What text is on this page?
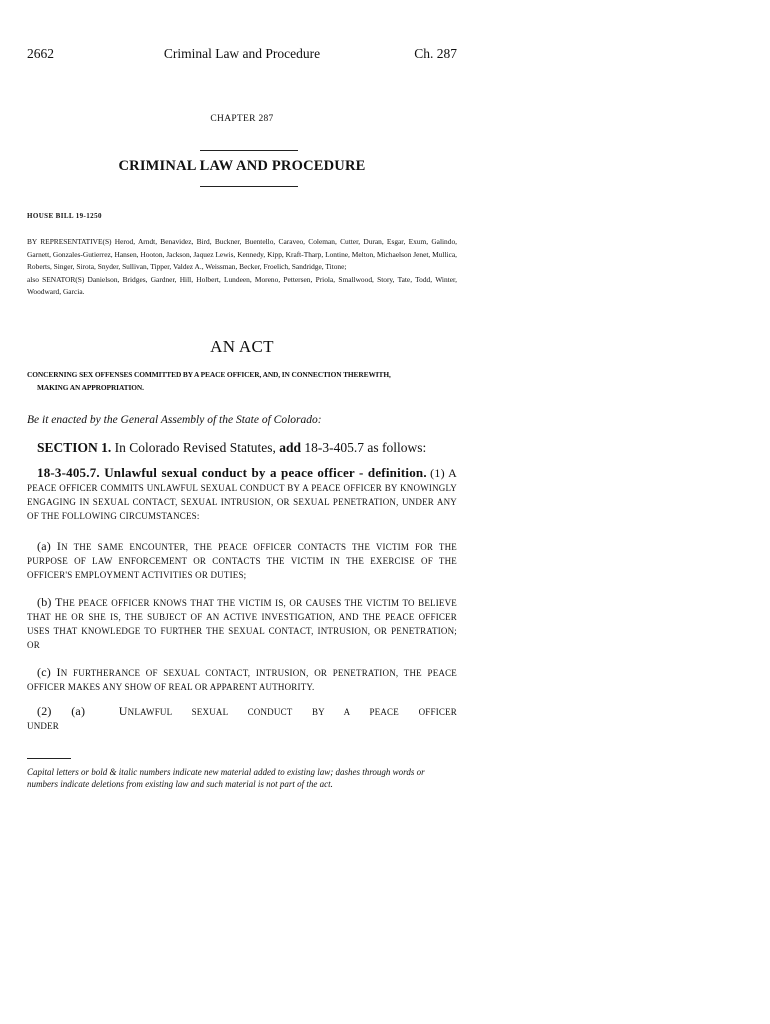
2662	Criminal Law and Procedure	Ch. 287
CHAPTER 287
CRIMINAL LAW AND PROCEDURE
HOUSE BILL 19-1250

BY REPRESENTATIVE(S) Herod, Arndt, Benavidez, Bird, Buckner, Buentello, Caraveo, Coleman, Cutter, Duran, Esgar, Exum, Galindo, Garnett, Gonzales-Gutierrez, Hansen, Hooton, Jackson, Jaquez Lewis, Kennedy, Kipp, Kraft-Tharp, Lontine, Melton, Michaelson Jenet, Mullica, Roberts, Singer, Sirota, Snyder, Sullivan, Tipper, Valdez A., Weissman, Becker, Froelich, Sandridge, Titone;

also SENATOR(S) Danielson, Bridges, Gardner, Hill, Holbert, Lundeen, Moreno, Pettersen, Priola, Smallwood, Story, Tate, Todd, Winter, Woodward, Garcia.

AN ACT
CONCERNING SEX OFFENSES COMMITTED BY A PEACE OFFICER, AND, IN CONNECTION THEREWITH,
MAKING AN APPROPRIATION.
Be it enacted by the General Assembly of the State of Colorado:
SECTION 1. In Colorado Revised Statutes, add 18-3-405.7 as follows:
18-3-405.7. Unlawful sexual conduct by a peace officer - definition. (1) A PEACE OFFICER COMMITS UNLAWFUL SEXUAL CONDUCT BY A PEACE OFFICER BY KNOWINGLY ENGAGING IN SEXUAL CONTACT, SEXUAL INTRUSION, OR SEXUAL PENETRATION, UNDER ANY OF THE FOLLOWING CIRCUMSTANCES:
(a) IN THE SAME ENCOUNTER, THE PEACE OFFICER CONTACTS THE VICTIM FOR THE PURPOSE OF LAW ENFORCEMENT OR CONTACTS THE VICTIM IN THE EXERCISE OF THE OFFICER'S EMPLOYMENT ACTIVITIES OR DUTIES;
(b) THE PEACE OFFICER KNOWS THAT THE VICTIM IS, OR CAUSES THE VICTIM TO BELIEVE THAT HE OR SHE IS, THE SUBJECT OF AN ACTIVE INVESTIGATION, AND THE PEACE OFFICER USES THAT KNOWLEDGE TO FURTHER THE SEXUAL CONTACT, INTRUSION, OR PENETRATION; OR
(c) IN FURTHERANCE OF SEXUAL CONTACT, INTRUSION, OR PENETRATION, THE PEACE OFFICER MAKES ANY SHOW OF REAL OR APPARENT AUTHORITY.
(2) (a)	UNLAWFUL SEXUAL CONDUCT BY A PEACE OFFICER UNDER
Capital letters or bold & italic numbers indicate new material added to existing law; dashes through words or numbers indicate deletions from existing law and such material is not part of the act.
